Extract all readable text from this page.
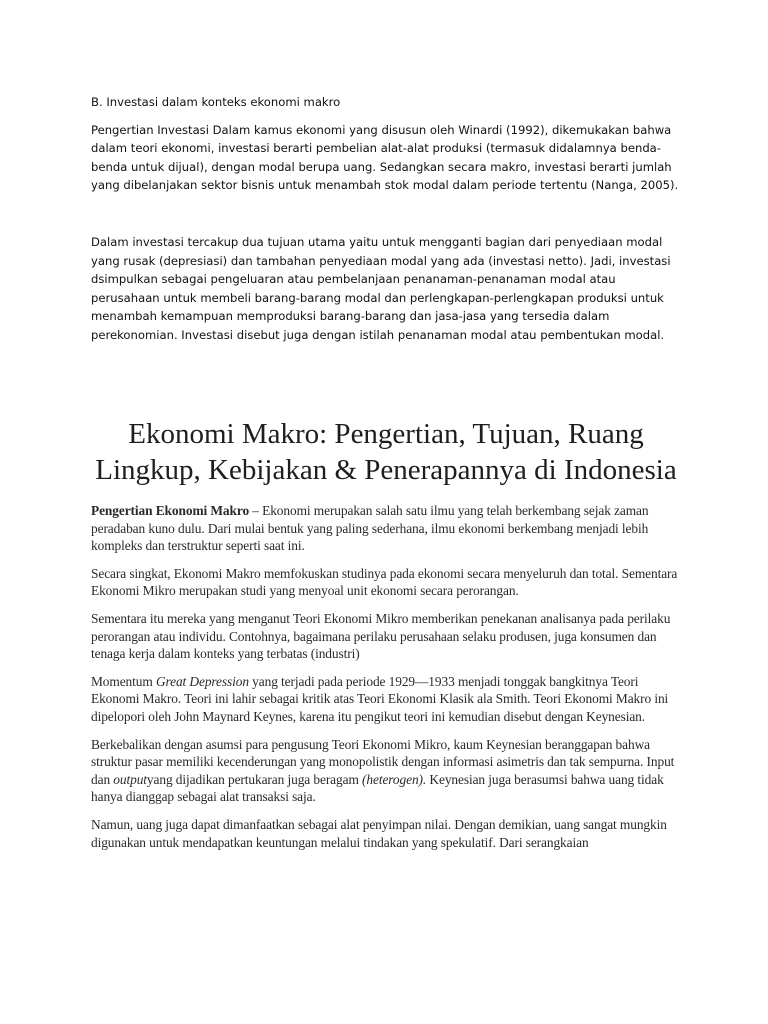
B. Investasi dalam konteks ekonomi makro

Pengertian Investasi Dalam kamus ekonomi yang disusun oleh Winardi (1992), dikemukakan bahwa dalam teori ekonomi, investasi berarti pembelian alat-alat produksi (termasuk didalamnya benda-benda untuk dijual), dengan modal berupa uang. Sedangkan secara makro, investasi berarti jumlah yang dibelanjakan sektor bisnis untuk menambah stok modal dalam periode tertentu (Nanga, 2005).

Dalam investasi tercakup dua tujuan utama yaitu untuk mengganti bagian dari penyediaan modal yang rusak (depresiasi) dan tambahan penyediaan modal yang ada (investasi netto). Jadi, investasi dsimpulkan sebagai pengeluaran atau pembelanjaan penanaman-penanaman modal atau perusahaan untuk membeli barang-barang modal dan perlengkapan-perlengkapan produksi untuk menambah kemampuan memproduksi barang-barang dan jasa-jasa yang tersedia dalam perekonomian. Investasi disebut juga dengan istilah penanaman modal atau pembentukan modal.

Ekonomi Makro: Pengertian, Tujuan, Ruang Lingkup, Kebijakan & Penerapannya di Indonesia

Pengertian Ekonomi Makro – Ekonomi merupakan salah satu ilmu yang telah berkembang sejak zaman peradaban kuno dulu. Dari mulai bentuk yang paling sederhana, ilmu ekonomi berkembang menjadi lebih kompleks dan terstruktur seperti saat ini.

Secara singkat, Ekonomi Makro memfokuskan studinya pada ekonomi secara menyeluruh dan total. Sementara Ekonomi Mikro merupakan studi yang menyoal unit ekonomi secara perorangan.

Sementara itu mereka yang menganut Teori Ekonomi Mikro memberikan penekanan analisanya pada perilaku perorangan atau individu. Contohnya, bagaimana perilaku perusahaan selaku produsen, juga konsumen dan tenaga kerja dalam konteks yang terbatas (industri)

Momentum Great Depression yang terjadi pada periode 1929—1933 menjadi tonggak bangkitnya Teori Ekonomi Makro. Teori ini lahir sebagai kritik atas Teori Ekonomi Klasik ala Smith. Teori Ekonomi Makro ini dipelopori oleh John Maynard Keynes, karena itu pengikut teori ini kemudian disebut dengan Keynesian.

Berkebalikan dengan asumsi para pengusung Teori Ekonomi Mikro, kaum Keynesian beranggapan bahwa struktur pasar memiliki kecenderungan yang monopolistik dengan informasi asimetris dan tak sempurna. Input dan outputyang dijadikan pertukaran juga beragam (heterogen). Keynesian juga berasumsi bahwa uang tidak hanya dianggap sebagai alat transaksi saja.

Namun, uang juga dapat dimanfaatkan sebagai alat penyimpan nilai. Dengan demikian, uang sangat mungkin digunakan untuk mendapatkan keuntungan melalui tindakan yang spekulatif. Dari serangkaian
